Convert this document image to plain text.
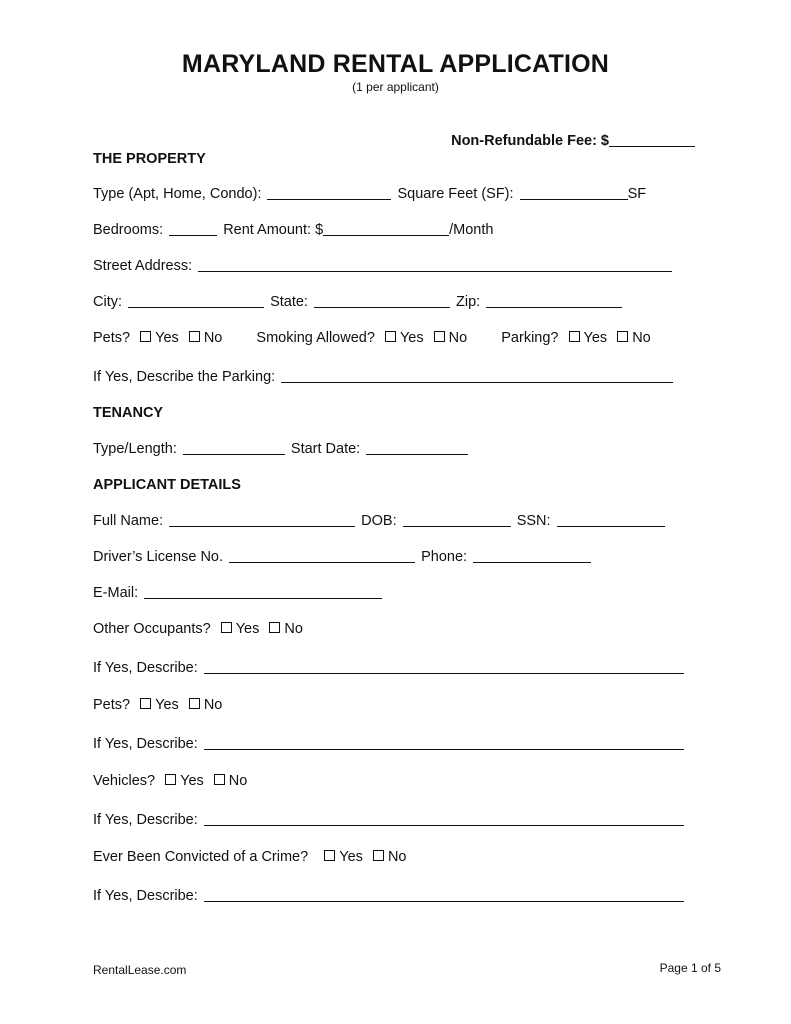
MARYLAND RENTAL APPLICATION
(1 per applicant)
Non-Refundable Fee: $
THE PROPERTY
Type (Apt, Home, Condo):	Square Feet (SF):	SF
Bedrooms:	Rent Amount: $	/Month
Street Address:
City:	State:	Zip:
Pets? Yes No Smoking Allowed? Yes No Parking? Yes No
If Yes, Describe the Parking:
TENANCY
Type/Length:	Start Date:
APPLICANT DETAILS
Full Name:	DOB:	SSN:
Driver’s License No.	Phone:
E-Mail:
Other Occupants? Yes No
If Yes, Describe:
Pets? Yes No
If Yes, Describe:
Vehicles? Yes No
If Yes, Describe:
Ever Been Convicted of a Crime? Yes No
If Yes, Describe:
RentalLease.com	Page 1 of 5
